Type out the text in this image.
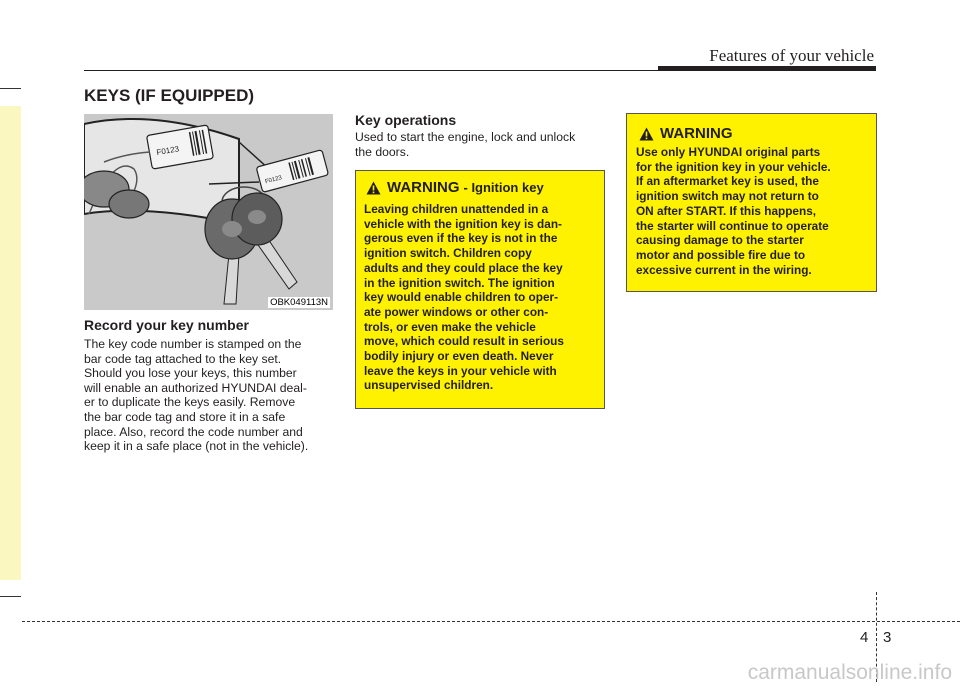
Features of your vehicle
KEYS (IF EQUIPPED)
F0123
F0123
OBK049113N
Record your key number
The key code number is stamped on the
bar code tag attached to the key set.
Should you lose your keys, this number
will enable an authorized HYUNDAI deal-
er to duplicate the keys easily. Remove
the bar code tag and store it in a safe
place. Also, record the code number and
keep it in a safe place (not in the vehicle).
Key operations
Used to start the engine, lock and unlock
the doors.
WARNING - Ignition key
Leaving children unattended in a
vehicle with the ignition key is dan-
gerous even if the key is not in the
ignition switch. Children copy
adults and they could place the key
in the ignition switch. The ignition
key would enable children to oper-
ate power windows or other con-
trols, or even make the vehicle
move, which could result in serious
bodily injury or even death. Never
leave the keys in your vehicle with
unsupervised children.
WARNING
Use only HYUNDAI original parts
for the ignition key in your vehicle.
If an aftermarket key is used, the
ignition switch may not return to
ON after START. If this happens,
the starter will continue to operate
causing damage to the starter
motor and possible fire due to
excessive current in the wiring.
4 3
carmanualsonline.info
